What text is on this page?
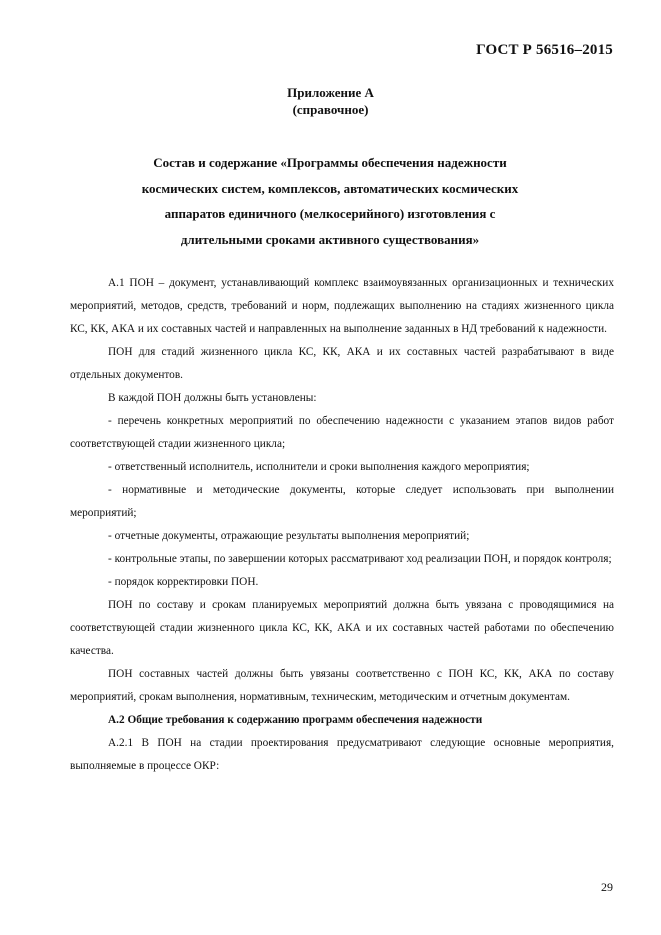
ГОСТ Р 56516–2015
Приложение А
(справочное)
Состав и содержание «Программы обеспечения надежности
космических систем, комплексов, автоматических космических
аппаратов единичного (мелкосерийного) изготовления с
длительными сроками активного существования»

А.1 ПОН – документ, устанавливающий комплекс взаимоувязанных организационных и технических мероприятий, методов, средств, требований и норм, подлежащих выполнению на стадиях жизненного цикла КС, КК, АКА и их составных частей и направленных на выполнение заданных в НД требований к надежности.

ПОН для стадий жизненного цикла КС, КК, АКА и их составных частей разрабатывают в виде отдельных документов.

В каждой ПОН должны быть установлены:

- перечень конкретных мероприятий по обеспечению надежности с указанием этапов видов работ соответствующей стадии жизненного цикла;

- ответственный исполнитель, исполнители и сроки выполнения каждого мероприятия;

- нормативные и методические документы, которые следует использовать при выполнении мероприятий;

- отчетные документы, отражающие результаты выполнения мероприятий;

- контрольные этапы, по завершении которых рассматривают ход реализации ПОН, и порядок контроля;

- порядок корректировки ПОН.

ПОН по составу и срокам планируемых мероприятий должна быть увязана с проводящимися на соответствующей стадии жизненного цикла КС, КК, АКА и их составных частей работами по обеспечению качества.

ПОН составных частей должны быть увязаны соответственно с ПОН КС, КК, АКА по составу мероприятий, срокам выполнения, нормативным, техническим, методическим и отчетным документам.

А.2 Общие требования к содержанию программ обеспечения надежности

А.2.1 В ПОН на стадии проектирования предусматривают следующие основные мероприятия, выполняемые в процессе ОКР:

29
